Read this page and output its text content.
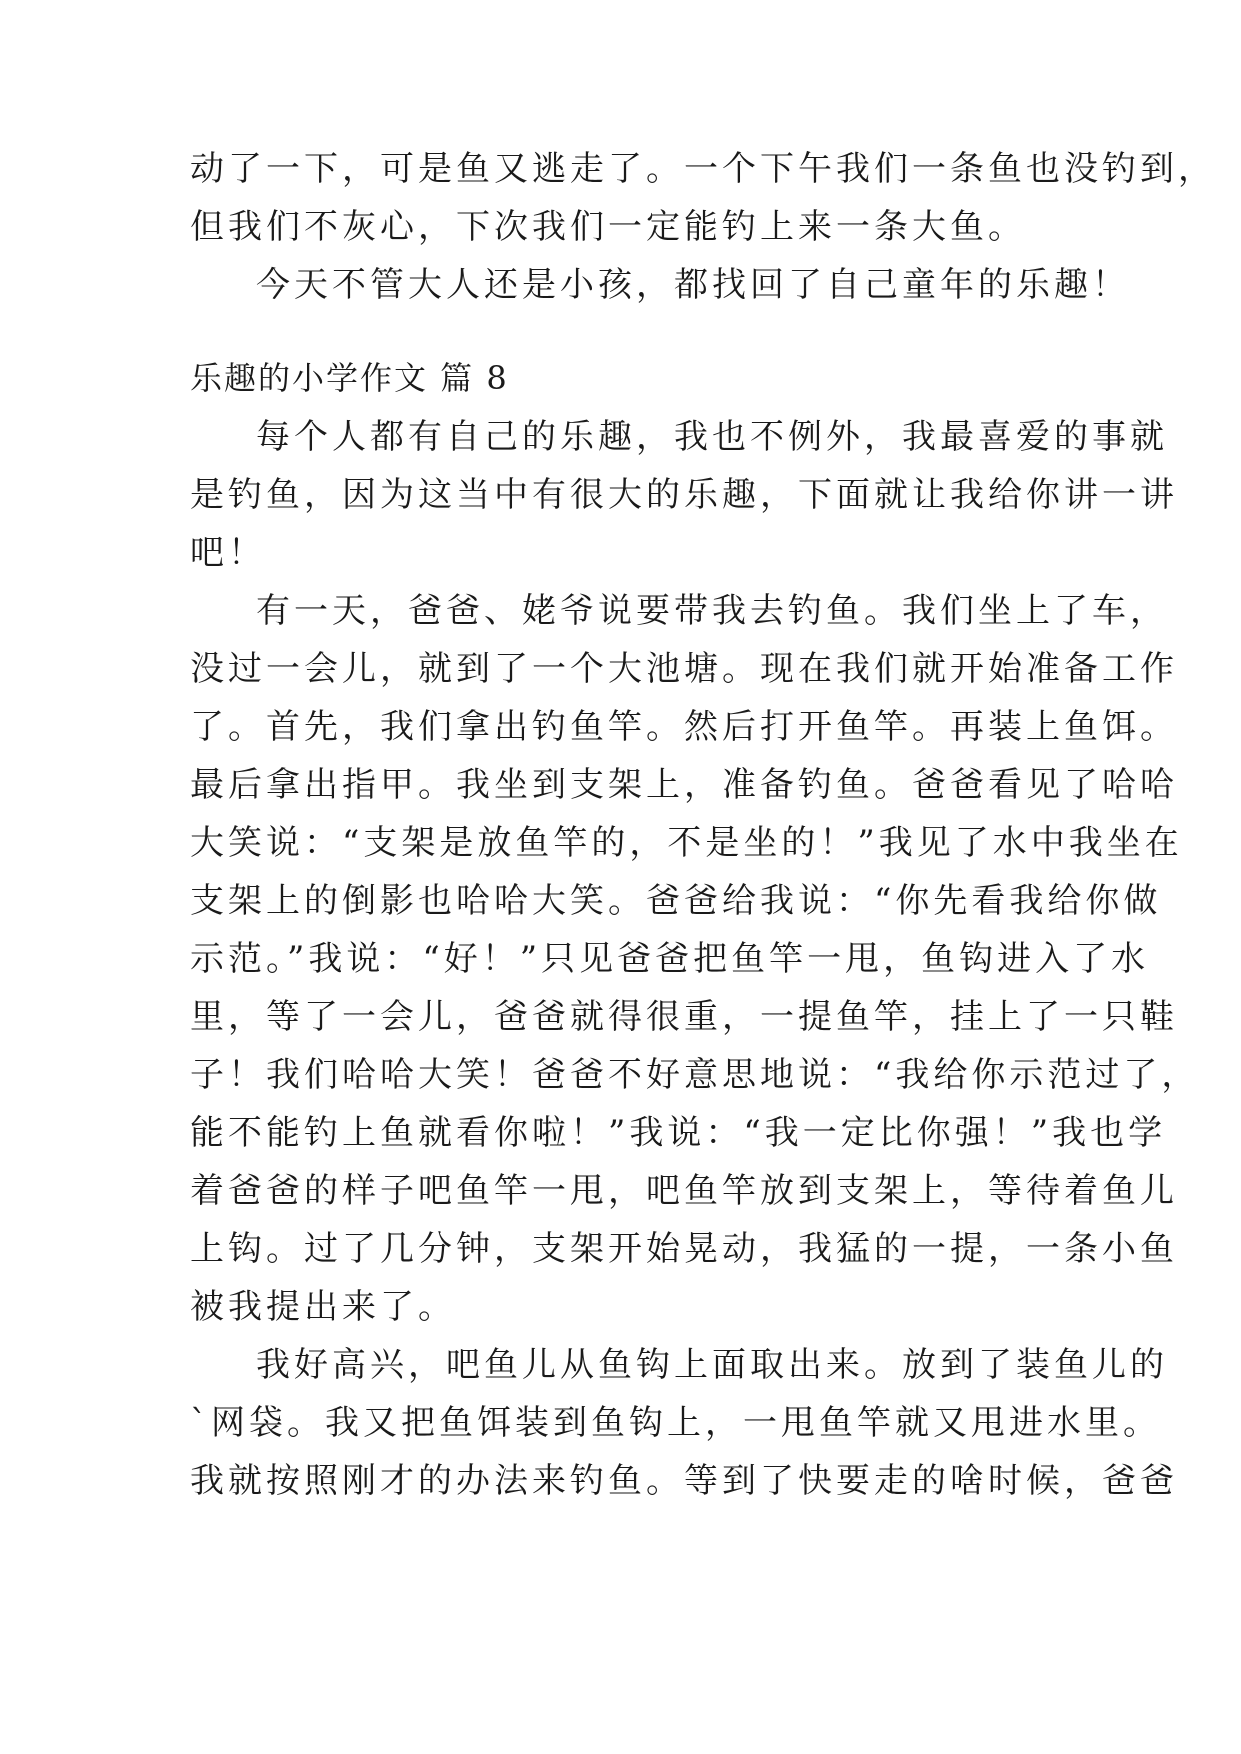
动了一下，可是鱼又逃走了。一个下午我们一条鱼也没钓到，
但我们不灰心，下次我们一定能钓上来一条大鱼。
今天不管大人还是小孩，都找回了自己童年的乐趣！
乐趣的小学作文 篇 8
每个人都有自己的乐趣，我也不例外，我最喜爱的事就
是钓鱼，因为这当中有很大的乐趣，下面就让我给你讲一讲
吧！
有一天，爸爸、姥爷说要带我去钓鱼。我们坐上了车，
没过一会儿，就到了一个大池塘。现在我们就开始准备工作
了。首先，我们拿出钓鱼竿。然后打开鱼竿。再装上鱼饵。
最后拿出指甲。我坐到支架上，准备钓鱼。爸爸看见了哈哈
大笑说：“支架是放鱼竿的，不是坐的！”我见了水中我坐在
支架上的倒影也哈哈大笑。爸爸给我说：“你先看我给你做
示范。”我说：“好！”只见爸爸把鱼竿一甩，鱼钩进入了水
里，等了一会儿，爸爸就得很重，一提鱼竿，挂上了一只鞋
子！我们哈哈大笑！爸爸不好意思地说：“我给你示范过了，
能不能钓上鱼就看你啦！”我说：“我一定比你强！”我也学
着爸爸的样子吧鱼竿一甩，吧鱼竿放到支架上，等待着鱼儿
上钩。过了几分钟，支架开始晃动，我猛的一提，一条小鱼
被我提出来了。
我好高兴，吧鱼儿从鱼钩上面取出来。放到了装鱼儿的
`网袋。我又把鱼饵装到鱼钩上，一甩鱼竿就又甩进水里。
我就按照刚才的办法来钓鱼。等到了快要走的啥时候，爸爸
